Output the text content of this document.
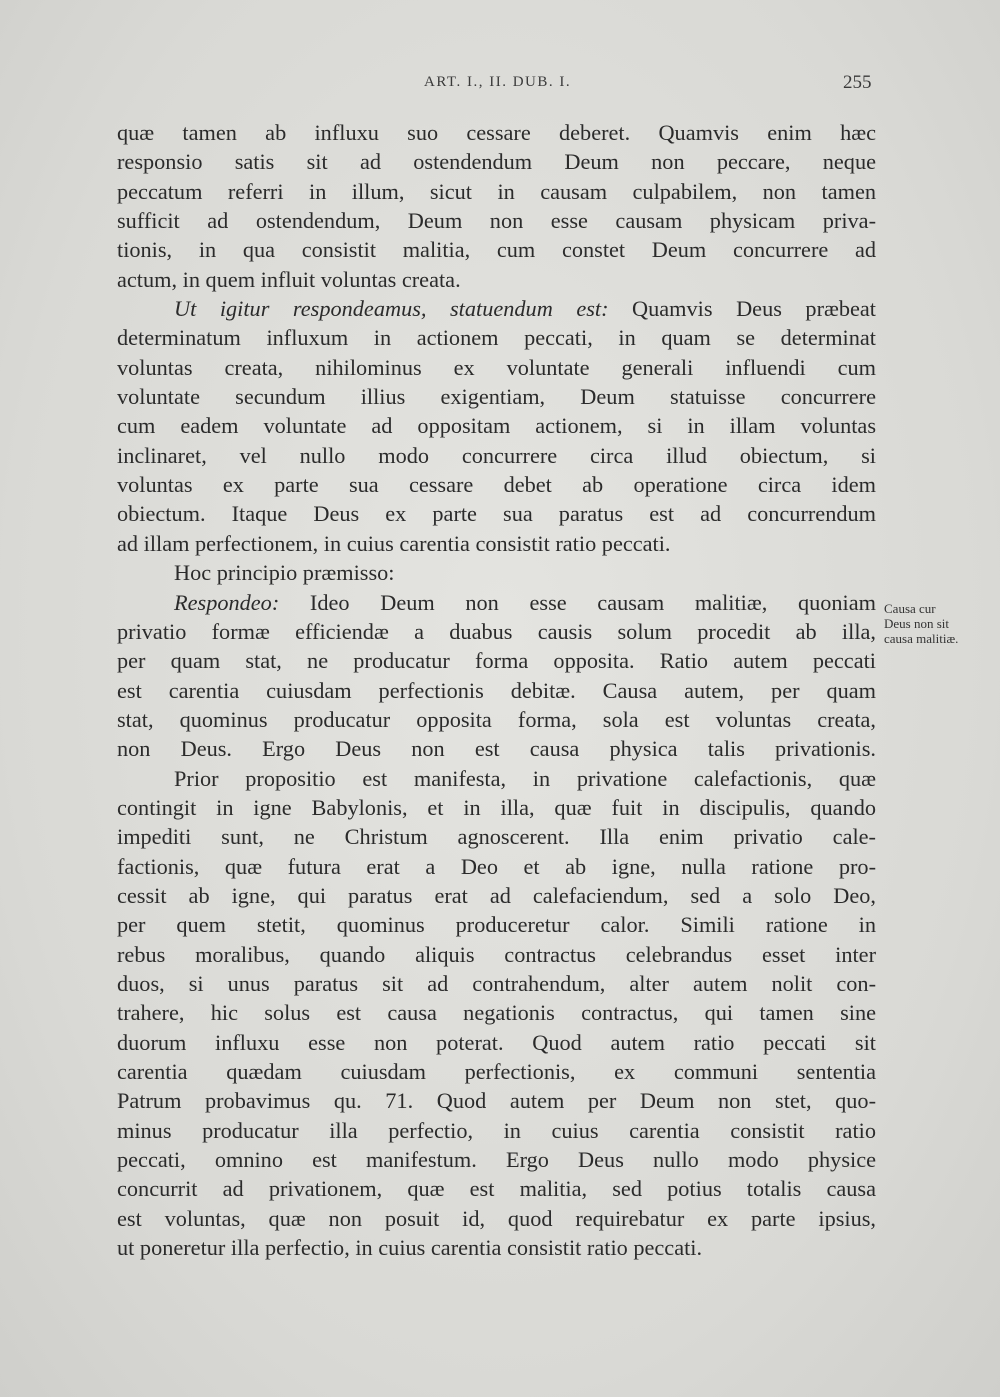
ART. I., II. DUB. I.	255
quæ tamen ab influxu suo cessare deberet. Quamvis enim hæc
responsio satis sit ad ostendendum Deum non peccare, neque
peccatum referri in illum, sicut in causam culpabilem, non tamen
sufficit ad ostendendum, Deum non esse causam physicam priva-
tionis, in qua consistit malitia, cum constet Deum concurrere ad
actum, in quem influit voluntas creata.
Ut igitur respondeamus, statuendum est: Quamvis Deus præbeat
determinatum influxum in actionem peccati, in quam se determinat
voluntas creata, nihilominus ex voluntate generali influendi cum
voluntate secundum illius exigentiam, Deum statuisse concurrere
cum eadem voluntate ad oppositam actionem, si in illam voluntas
inclinaret, vel nullo modo concurrere circa illud obiectum, si
voluntas ex parte sua cessare debet ab operatione circa idem
obiectum. Itaque Deus ex parte sua paratus est ad concurrendum
ad illam perfectionem, in cuius carentia consistit ratio peccati.
Hoc principio præmisso:
Respondeo: Ideo Deum non esse causam malitiæ, quoniam
privatio formæ efficiendæ a duabus causis solum procedit ab illa,
per quam stat, ne producatur forma opposita. Ratio autem peccati
est carentia cuiusdam perfectionis debitæ. Causa autem, per quam
stat, quominus producatur opposita forma, sola est voluntas creata,
non Deus. Ergo Deus non est causa physica talis privationis.
Prior propositio est manifesta, in privatione calefactionis, quæ
contingit in igne Babylonis, et in illa, quæ fuit in discipulis, quando
impediti sunt, ne Christum agnoscerent. Illa enim privatio cale-
factionis, quæ futura erat a Deo et ab igne, nulla ratione pro-
cessit ab igne, qui paratus erat ad calefaciendum, sed a solo Deo,
per quem stetit, quominus produceretur calor. Simili ratione in
rebus moralibus, quando aliquis contractus celebrandus esset inter
duos, si unus paratus sit ad contrahendum, alter autem nolit con-
trahere, hic solus est causa negationis contractus, qui tamen sine
duorum influxu esse non poterat. Quod autem ratio peccati sit
carentia quædam cuiusdam perfectionis, ex communi sententia
Patrum probavimus qu. 71. Quod autem per Deum non stet, quo-
minus producatur illa perfectio, in cuius carentia consistit ratio
peccati, omnino est manifestum. Ergo Deus nullo modo physice
concurrit ad privationem, quæ est malitia, sed potius totalis causa
est voluntas, quæ non posuit id, quod requirebatur ex parte ipsius,
ut poneretur illa perfectio, in cuius carentia consistit ratio peccati.
Causa cur
Deus non sit
causa malitiæ.
